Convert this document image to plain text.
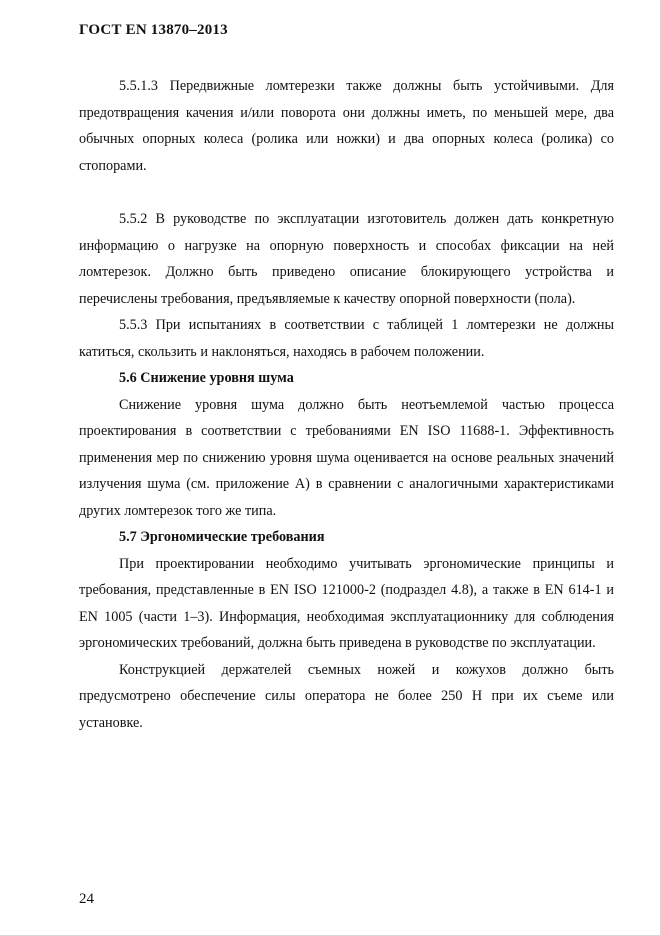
ГОСТ EN 13870–2013

5.5.1.3 Передвижные ломтерезки также должны быть устойчивыми. Для предотвращения качения и/или поворота они должны иметь, по меньшей мере, два обычных опорных колеса (ролика или ножки) и два опорных колеса (ролика) со стопорами.

5.5.2 В руководстве по эксплуатации изготовитель должен дать конкретную информацию о нагрузке на опорную поверхность и способах фиксации на ней ломтерезок. Должно быть приведено описание блокирующего устройства и перечислены требования, предъявляемые к качеству опорной поверхности (пола).

5.5.3 При испытаниях в соответствии с таблицей 1 ломтерезки не должны катиться, скользить и наклоняться, находясь в рабочем положении.

5.6 Снижение уровня шума

Снижение уровня шума должно быть неотъемлемой частью процесса проектирования в соответствии с требованиями EN ISO 11688-1. Эффективность применения мер по снижению уровня шума оценивается на основе реальных значений излучения шума (см. приложение А) в сравнении с аналогичными характеристиками других ломтерезок того же типа.

5.7 Эргономические требования

При проектировании необходимо учитывать эргономические принципы и требования, представленные в EN ISO 121000-2 (подраздел 4.8), а также в EN 614-1 и EN 1005 (части 1–3). Информация, необходимая эксплуатационнику для соблюдения эргономических требований, должна быть приведена в руководстве по эксплуатации.

Конструкцией держателей съемных ножей и кожухов должно быть предусмотрено обеспечение силы оператора не более 250 Н при их съеме или установке.

24
